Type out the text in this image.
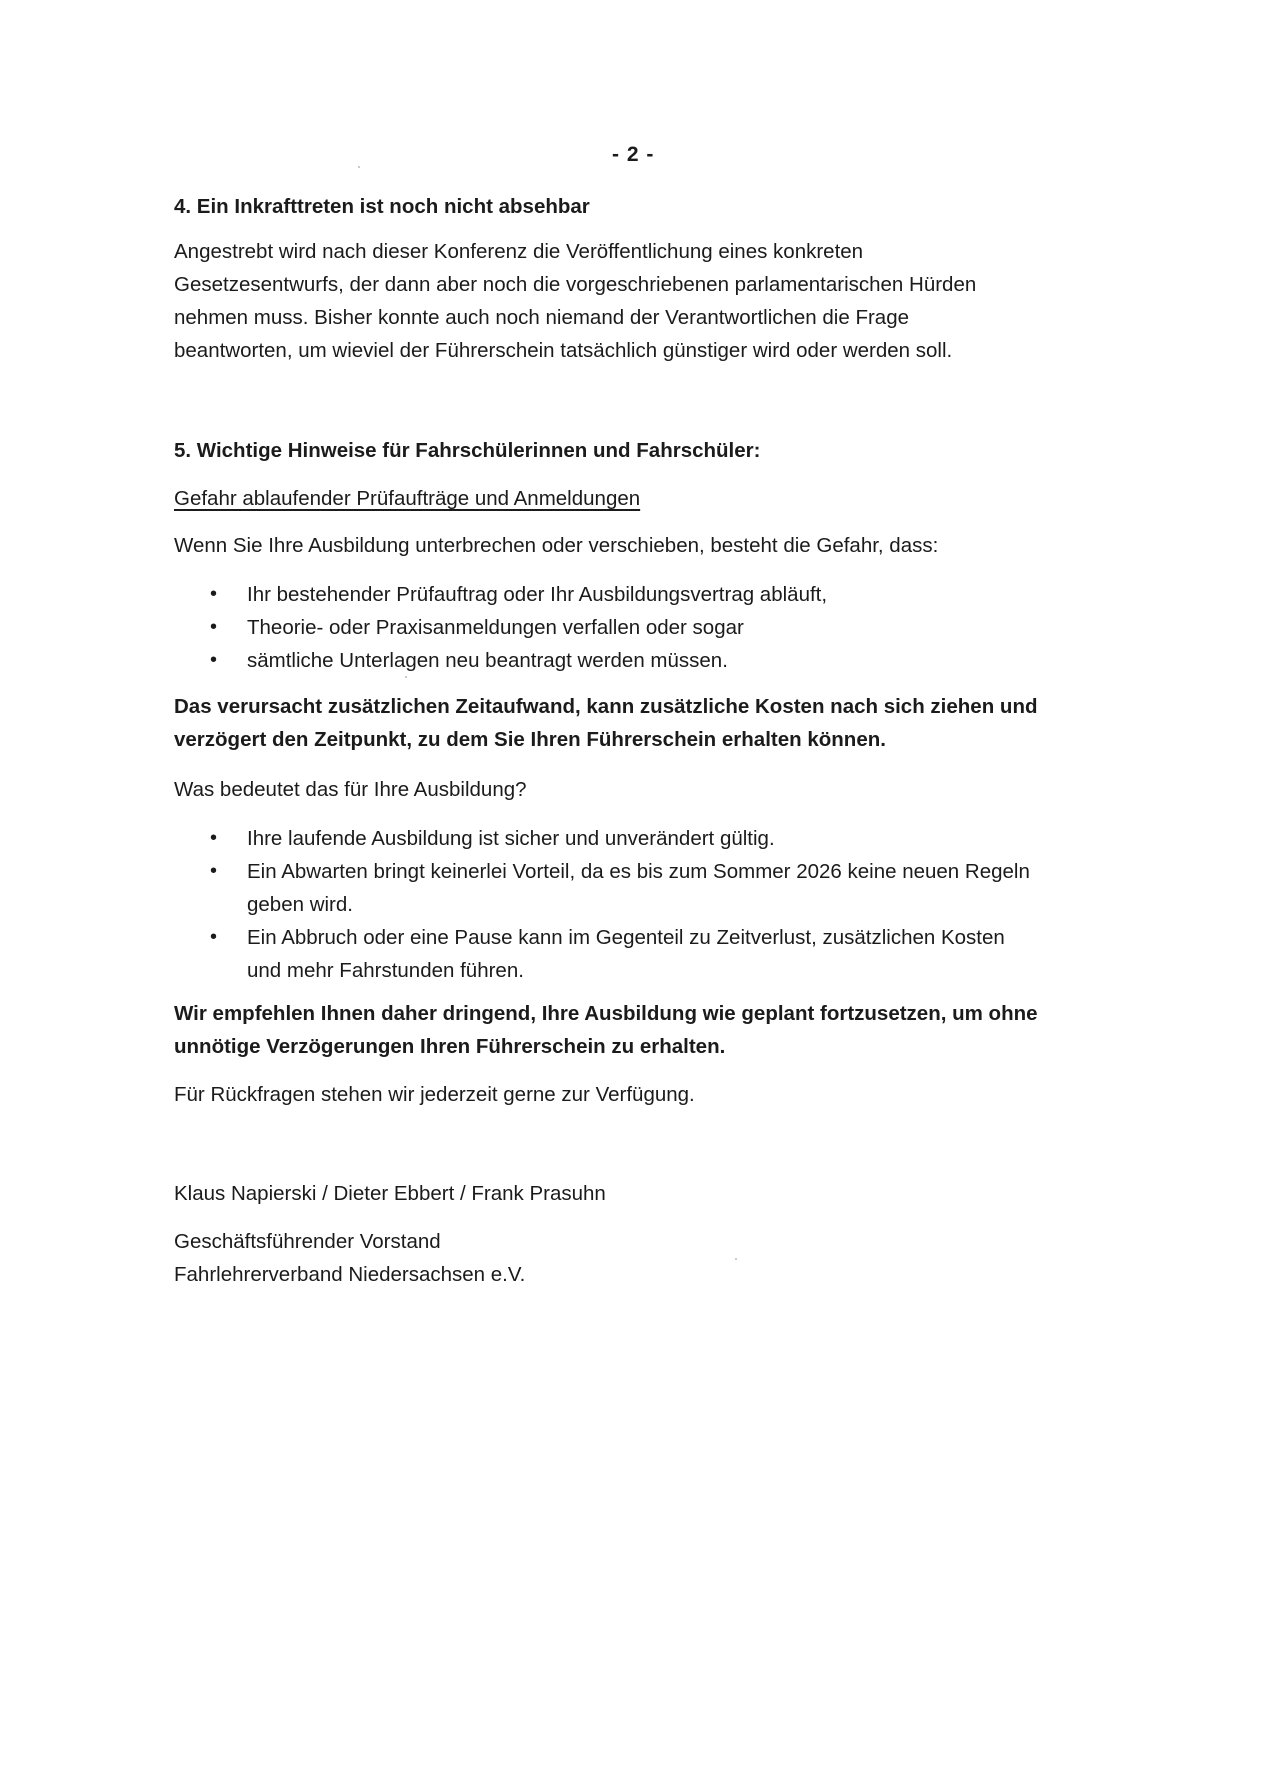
- 2 -
4. Ein Inkrafttreten ist noch nicht absehbar

Angestrebt wird nach dieser Konferenz die Veröffentlichung eines konkreten

Gesetzesentwurfs, der dann aber noch die vorgeschriebenen parlamentarischen Hürden

nehmen muss. Bisher konnte auch noch niemand der Verantwortlichen die Frage

beantworten, um wieviel der Führerschein tatsächlich günstiger wird oder werden soll.

5. Wichtige Hinweise für Fahrschülerinnen und Fahrschüler:
Gefahr ablaufender Prüfaufträge und Anmeldungen
Wenn Sie Ihre Ausbildung unterbrechen oder verschieben, besteht die Gefahr, dass:
• Ihr bestehender Prüfauftrag oder Ihr Ausbildungsvertrag abläuft,
• Theorie- oder Praxisanmeldungen verfallen oder sogar
• sämtliche Unterlagen neu beantragt werden müssen.

Das verursacht zusätzlichen Zeitaufwand, kann zusätzliche Kosten nach sich ziehen und

verzögert den Zeitpunkt, zu dem Sie Ihren Führerschein erhalten können.

Was bedeutet das für Ihre Ausbildung?
• Ihre laufende Ausbildung ist sicher und unverändert gültig.
• Ein Abwarten bringt keinerlei Vorteil, da es bis zum Sommer 2026 keine neuen Regeln
geben wird.
• Ein Abbruch oder eine Pause kann im Gegenteil zu Zeitverlust, zusätzlichen Kosten
und mehr Fahrstunden führen.

Wir empfehlen Ihnen daher dringend, Ihre Ausbildung wie geplant fortzusetzen, um ohne

unnötige Verzögerungen Ihren Führerschein zu erhalten.

Für Rückfragen stehen wir jederzeit gerne zur Verfügung.
Klaus Napierski / Dieter Ebbert / Frank Prasuhn

Geschäftsführender Vorstand

Fahrlehrerverband Niedersachsen e.V.
